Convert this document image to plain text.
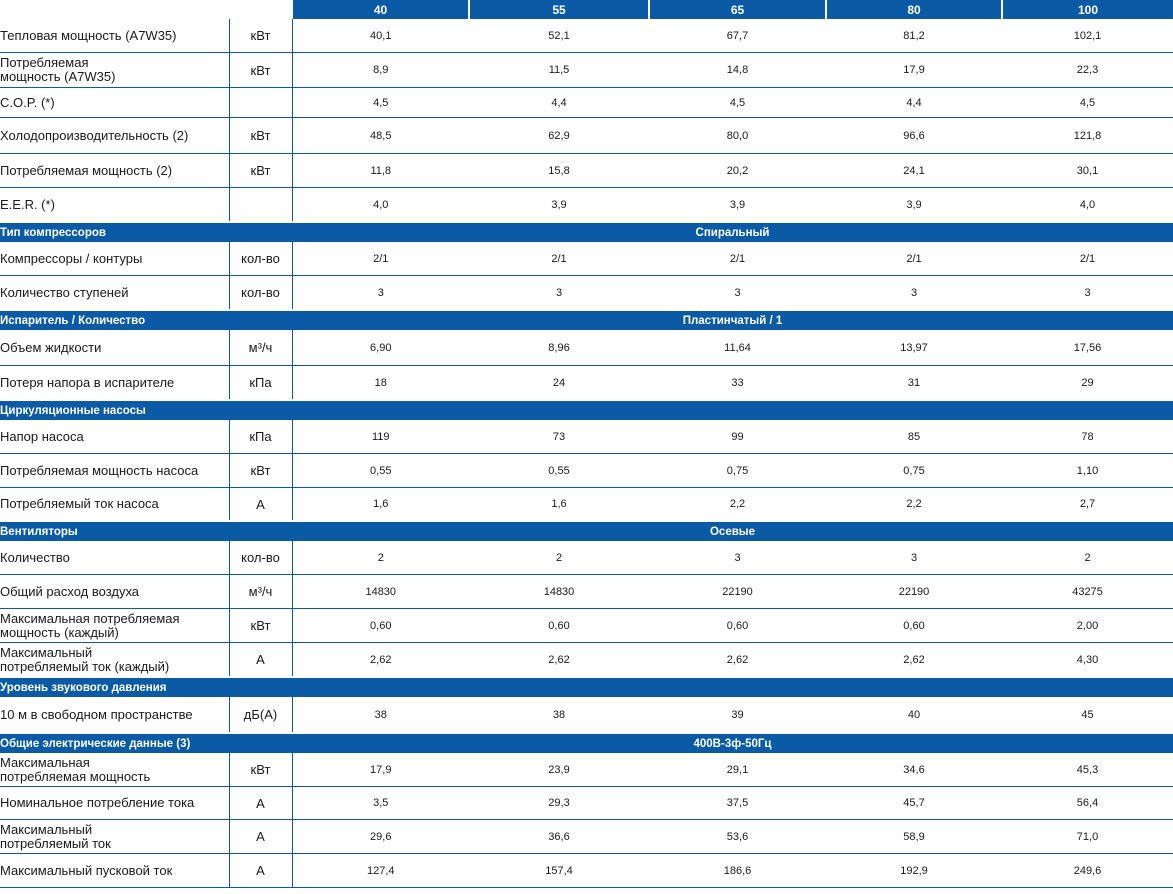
		40	55	65	80	100
Тепловая мощность (A7W35)	кВт	40,1	52,1	67,7	81,2	102,1
Потребляемая
мощность (A7W35)	кВт	8,9	11,5	14,8	17,9	22,3
C.O.P. (*)		4,5	4,4	4,5	4,4	4,5
Холодопроизводительность (2)	кВт	48,5	62,9	80,0	96,6	121,8
Потребляемая мощность (2)	кВт	11,8	15,8	20,2	24,1	30,1
E.E.R. (*)		4,0	3,9	3,9	3,9	4,0
Тип компрессоров		Спиральный				
Компрессоры / контуры	кол-во	2/1	2/1	2/1	2/1	2/1
Количество ступеней	кол-во	3	3	3	3	3
Испаритель / Количество		Пластинчатый / 1				
Объем жидкости	м³/ч	6,90	8,96	11,64	13,97	17,56
Потеря напора в испарителе	кПа	18	24	33	31	29
Циркуляционные насосы						
Напор насоса	кПа	119	73	99	85	78
Потребляемая мощность насоса	кВт	0,55	0,55	0,75	0,75	1,10
Потребляемый ток насоса	A	1,6	1,6	2,2	2,2	2,7
Вентиляторы		Осевые				
Количество	кол-во	2	2	3	3	2
Общий расход воздуха	м³/ч	14830	14830	22190	22190	43275
Максимальная потребляемая
мощность (каждый)	кВт	0,60	0,60	0,60	0,60	2,00
Максимальный
потребляемый ток (каждый)	A	2,62	2,62	2,62	2,62	4,30
Уровень звукового давления						
10 м в свободном пространстве	дБ(А)	38	38	39	40	45
Общие электрические данные (3)		400В-3ф-50Гц				
Максимальная
потребляемая мощность	кВт	17,9	23,9	29,1	34,6	45,3
Номинальное потребление тока	A	3,5	29,3	37,5	45,7	56,4
Максимальный
потребляемый ток	A	29,6	36,6	53,6	58,9	71,0
Максимальный пусковой ток	A	127,4	157,4	186,6	192,9	249,6
